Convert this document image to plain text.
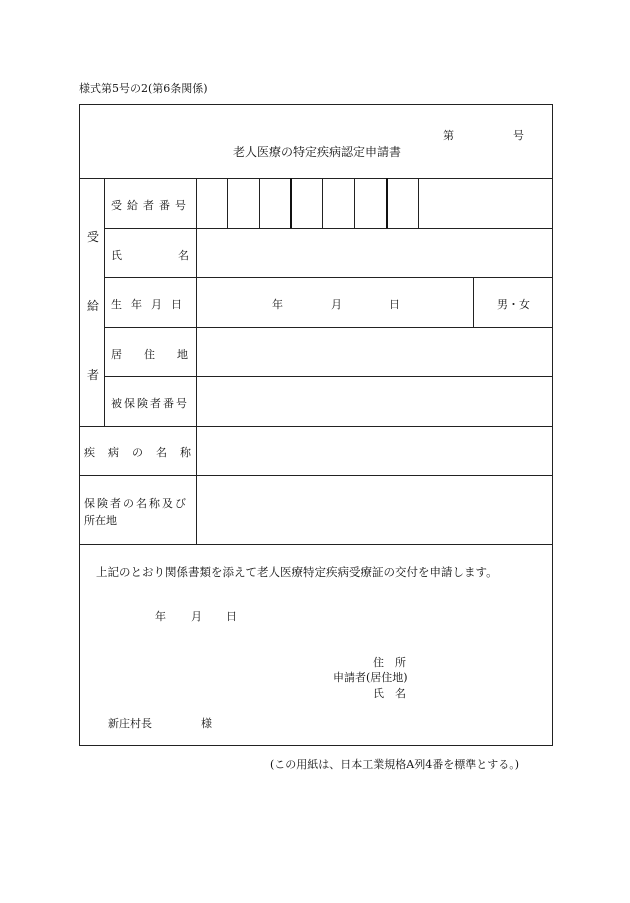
様式第5号の2(第6条関係)
老人医療の特定疾病認定申請書
第	号
受
給
者
受給者番号
氏	名
生年月日	年	月	日	男・女
居住地
被保険者番号
疾病の名称
保険者の名称及び
所在地
上記のとおり関係書類を添えて老人医療特定疾病受療証の交付を申請します。
年 月 日
住　所
申請者(居住地)
氏　名
新庄村長	様
(この用紙は、日本工業規格A列4番を標準とする。)
